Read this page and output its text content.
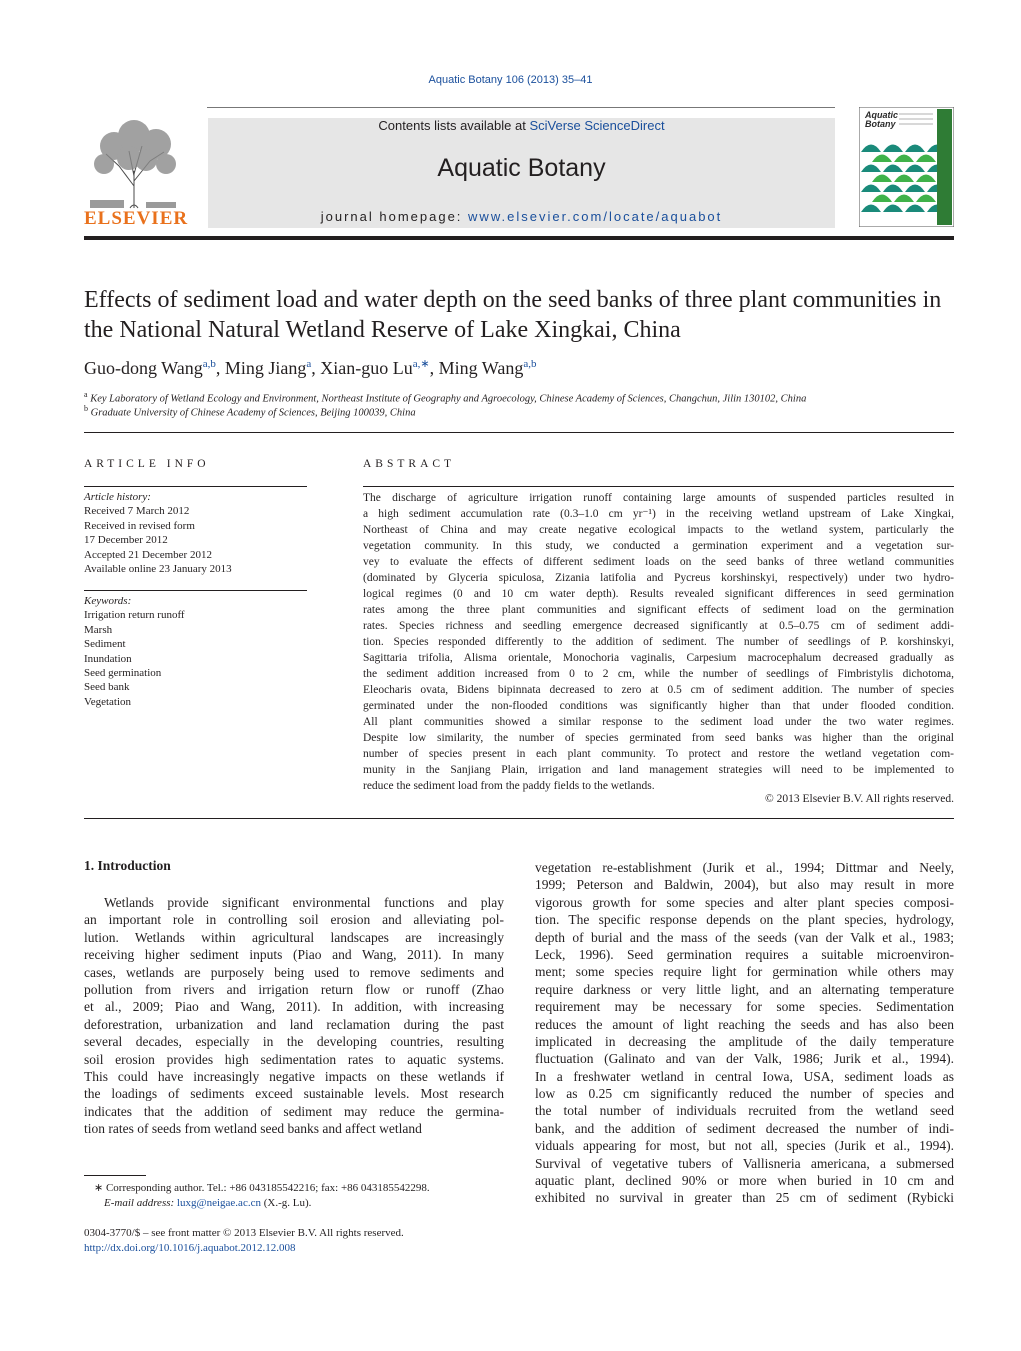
Aquatic Botany 106 (2013) 35–41
ELSEVIER
Contents lists available at SciVerse ScienceDirect
Aquatic Botany
journal homepage: www.elsevier.com/locate/aquabot
Aquatic
Botany
Effects of sediment load and water depth on the seed banks of three plant communities in the National Natural Wetland Reserve of Lake Xingkai, China
Guo-dong Wang$^{a,b}$, Ming Jiang$^a$, Xian-guo $Lu^{a,∗}$, Ming Wang$^{a,b}$
$^a$ Key Laboratory of Wetland Ecology and Environment, Northeast Institute of Geography and Agroecology, Chinese Academy of Sciences, Changchun, Jilin 130102, China
$^b$ Graduate University of Chinese Academy of Sciences, Beijing 100039, China
ARTICLE INFO
Article history:
Received 7 March 2012
Received in revised form
17 December 2012
Accepted 21 December 2012
Available online 23 January 2013
Keywords:
Irrigation return runoff
Marsh
Sediment
Inundation
Seed germination
Seed bank
Vegetation
ABSTRACT
The discharge of agriculture irrigation runoff containing large amounts of suspended particles resulted in
a high sediment accumulation rate (0.3–1.0 cm yr⁻¹) in the receiving wetland upstream of Lake Xingkai,
Northeast of China and may create negative ecological impacts to the wetland system, particularly the
vegetation community. In this study, we conducted a germination experiment and a vegetation sur-
vey to evaluate the effects of different sediment loads on the seed banks of three wetland communities
(dominated by Glyceria spiculosa, Zizania latifolia and Pycreus korshinskyi, respectively) under two hydro-
logical regimes (0 and 10 cm water depth). Results revealed significant differences in seed germination
rates among the three plant communities and significant effects of sediment load on the germination
rates. Species richness and seedling emergence decreased significantly at 0.5–0.75 cm of sediment addi-
tion. Species responded differently to the addition of sediment. The number of seedlings of P. korshinskyi,
Sagittaria trifolia, Alisma orientale, Monochoria vaginalis, Carpesium macrocephalum decreased gradually as
the sediment addition increased from 0 to 2 cm, while the number of seedlings of Fimbristylis dichotoma,
Eleocharis ovata, Bidens bipinnata decreased to zero at 0.5 cm of sediment addition. The number of species
germinated under the non-flooded conditions was significantly higher than that under flooded condition.
All plant communities showed a similar response to the sediment load under the two water regimes.
Despite low similarity, the number of species germinated from seed banks was higher than the original
number of species present in each plant community. To protect and restore the wetland vegetation com-
munity in the Sanjiang Plain, irrigation and land management strategies will need to be implemented to
reduce the sediment load from the paddy fields to the wetlands.
© 2013 Elsevier B.V. All rights reserved.
1. Introduction
Wetlands provide significant environmental functions and play
an important role in controlling soil erosion and alleviating pol-
lution. Wetlands within agricultural landscapes are increasingly
receiving higher sediment inputs (Piao and Wang, 2011). In many
cases, wetlands are purposely being used to remove sediments and
pollution from rivers and irrigation return flow or runoff (Zhao
et al., 2009; Piao and Wang, 2011). In addition, with increasing
deforestration, urbanization and land reclamation during the past
several decades, especially in the developing countries, resulting
soil erosion provides high sedimentation rates to aquatic systems.
This could have increasingly negative impacts on these wetlands if
the loadings of sediments exceed sustainable levels. Most research
indicates that the addition of sediment may reduce the germina-
tion rates of seeds from wetland seed banks and affect wetland
vegetation re-establishment (Jurik et al., 1994; Dittmar and Neely,
1999; Peterson and Baldwin, 2004), but also may result in more
vigorous growth for some species and alter plant species composi-
tion. The specific response depends on the plant species, hydrology,
depth of burial and the mass of the seeds (van der Valk et al., 1983;
Leck, 1996). Seed germination requires a suitable microenviron-
ment; some species require light for germination while others may
require darkness or very little light, and an alternating temperature
requirement may be necessary for some species. Sedimentation
reduces the amount of light reaching the seeds and has also been
implicated in decreasing the amplitude of the daily temperature
fluctuation (Galinato and van der Valk, 1986; Jurik et al., 1994).
In a freshwater wetland in central Iowa, USA, sediment loads as
low as 0.25 cm significantly reduced the number of species and
the total number of individuals recruited from the wetland seed
bank, and the addition of sediment decreased the number of indi-
viduals appearing for most, but not all, species (Jurik et al., 1994).
Survival of vegetative tubers of Vallisneria americana, a submersed
aquatic plant, declined 90% or more when buried in 10 cm and
exhibited no survival in greater than 25 cm of sediment (Rybicki
∗ Corresponding author. Tel.: +86 043185542216; fax: +86 043185542298.
E-mail address: luxg@neigae.ac.cn (X.-g. Lu).
0304-3770/$ – see front matter © 2013 Elsevier B.V. All rights reserved.
http://dx.doi.org/10.1016/j.aquabot.2012.12.008
